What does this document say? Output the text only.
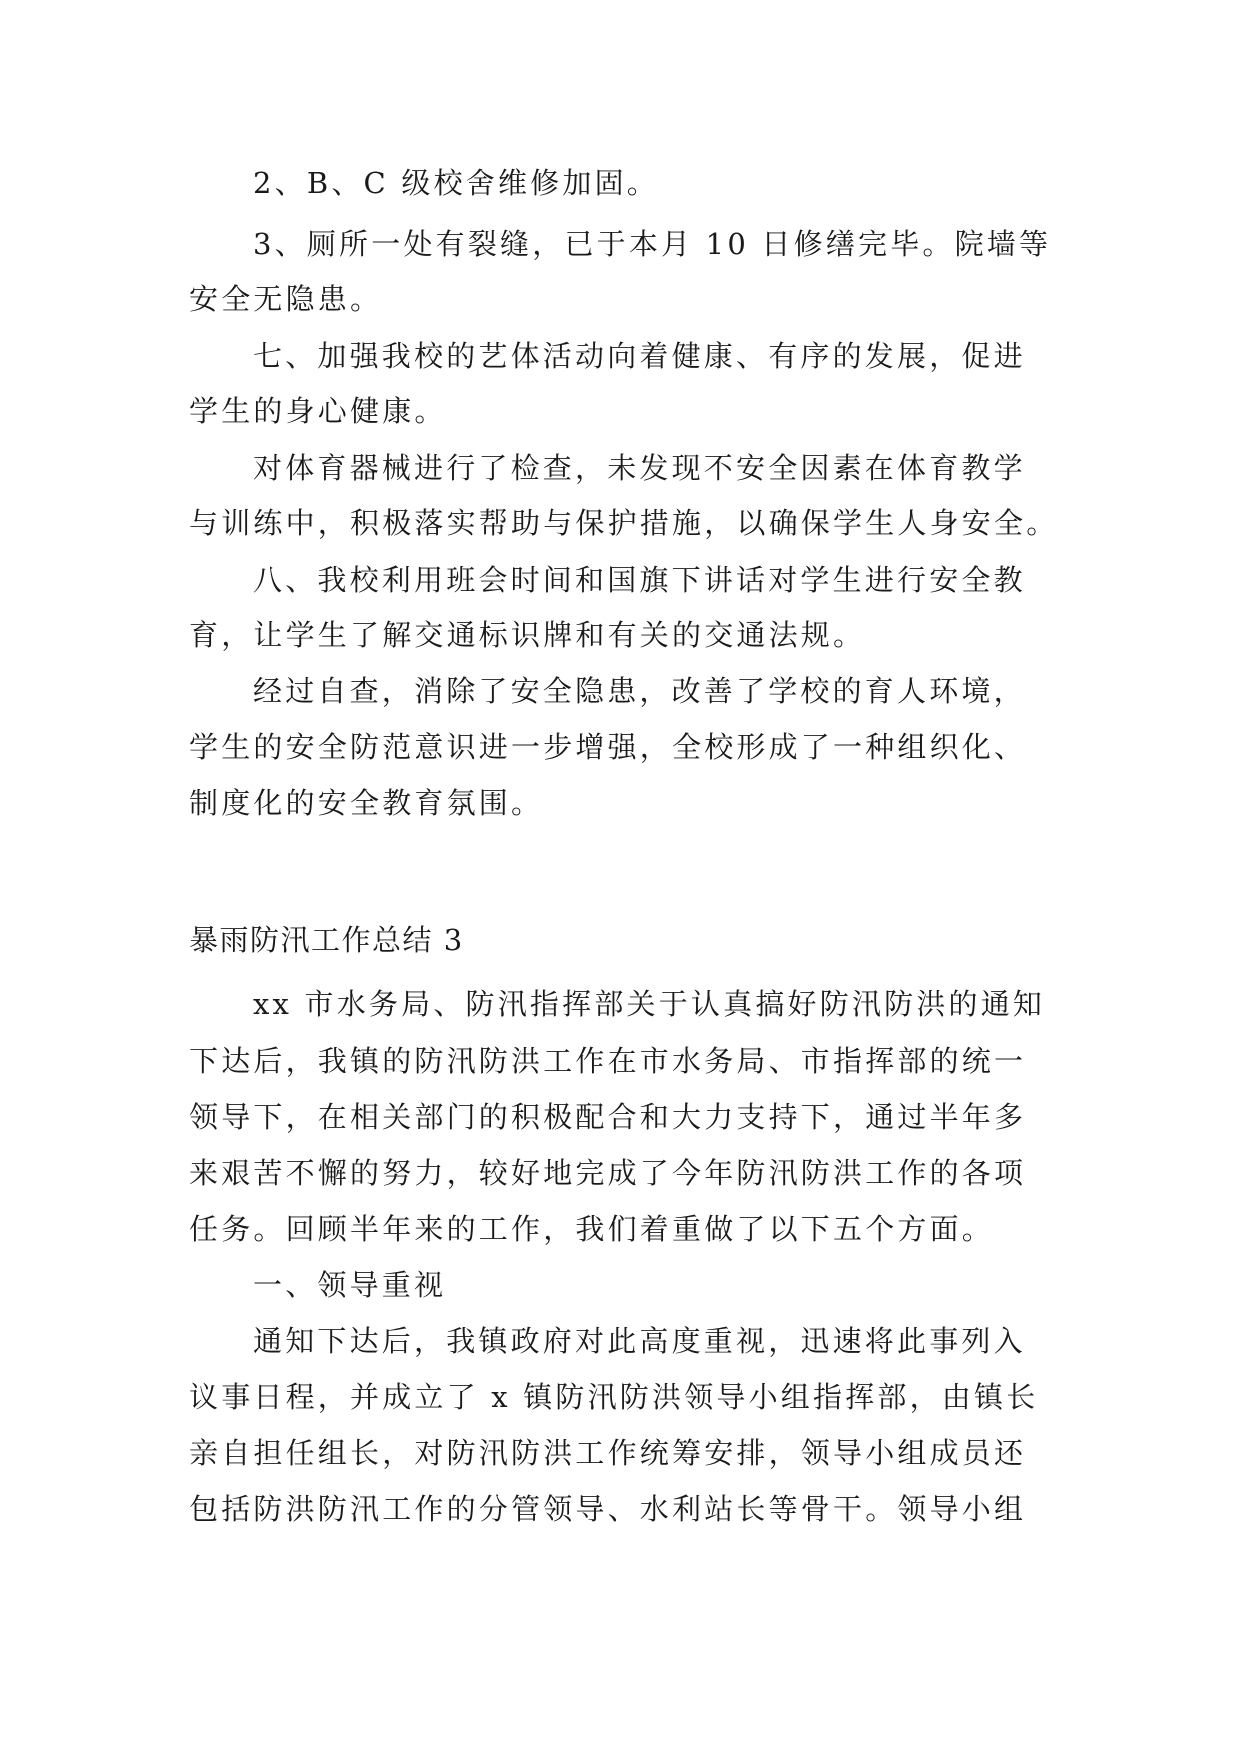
2、B、C 级校舍维修加固。
3、厕所一处有裂缝，已于本月 10 日修缮完毕。院墙等
安全无隐患。
七、加强我校的艺体活动向着健康、有序的发展，促进
学生的身心健康。
对体育器械进行了检查，未发现不安全因素在体育教学
与训练中，积极落实帮助与保护措施，以确保学生人身安全。
八、我校利用班会时间和国旗下讲话对学生进行安全教
育，让学生了解交通标识牌和有关的交通法规。
经过自查，消除了安全隐患，改善了学校的育人环境，
学生的安全防范意识进一步增强，全校形成了一种组织化、
制度化的安全教育氛围。
暴雨防汛工作总结 3
xx 市水务局、防汛指挥部关于认真搞好防汛防洪的通知
下达后，我镇的防汛防洪工作在市水务局、市指挥部的统一
领导下，在相关部门的积极配合和大力支持下，通过半年多
来艰苦不懈的努力，较好地完成了今年防汛防洪工作的各项
任务。回顾半年来的工作，我们着重做了以下五个方面。
一、领导重视
通知下达后，我镇政府对此高度重视，迅速将此事列入
议事日程，并成立了 x 镇防汛防洪领导小组指挥部，由镇长
亲自担任组长，对防汛防洪工作统筹安排，领导小组成员还
包括防洪防汛工作的分管领导、水利站长等骨干。领导小组
